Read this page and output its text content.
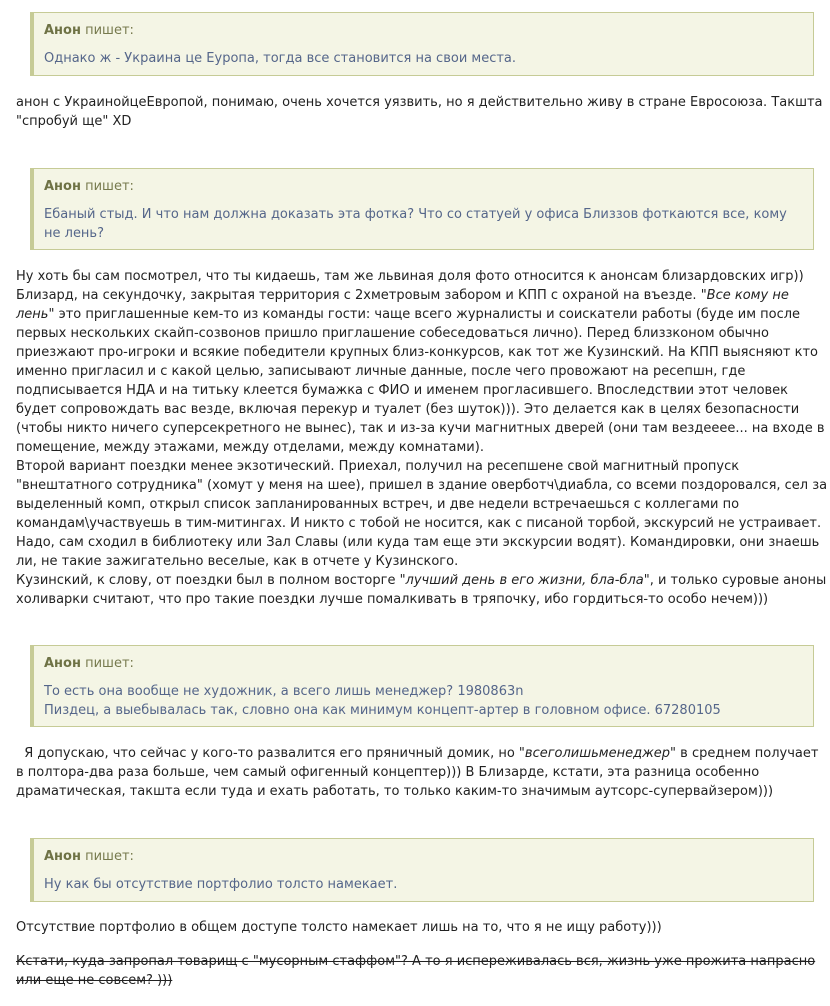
Анон пишет:
Однако ж - Украина це Еуропа, тогда все становится на свои места.

анон с УкраинойцеЕвропой, понимаю, очень хочется уязвить, но я действительно живу в стране Евросоюза. Такшта "спробуй ще" XD

Анон пишет:
Ебаный стыд. И что нам должна доказать эта фотка? Что со статуей у офиса Близзов фоткаются все, кому не лень?

Ну хоть бы сам посмотрел, что ты кидаешь, там же львиная доля фото относится к анонсам близардовских игр)) Близард, на секундочку, закрытая территория с 2хметровым забором и КПП с охраной на въезде. "Все кому не лень" это приглашенные кем-то из команды гости: чаще всего журналисты и соискатели работы (буде им после первых нескольких скайп-созвонов пришло приглашение собеседоваться лично). Перед близзконом обычно приезжают про-игроки и всякие победители крупных близ-конкурсов, как тот же Кузинский. На КПП выясняют кто именно пригласил и с какой целью, записывают личные данные, после чего провожают на ресепшн, где подписывается НДА и на титьку клеется бумажка с ФИО и именем прогласившего. Впоследствии этот человек будет сопровождать вас везде, включая перекур и туалет (без шуток))). Это делается как в целях безопасности (чтобы никто ничего суперсекретного не вынес), так и из-за кучи магнитных дверей (они там вездееее... на входе в помещение, между этажами, между отделами, между комнатами).

Второй вариант поездки менее экзотический. Приехал, получил на ресепшене свой магнитный пропуск "внештатного сотрудника" (хомут у меня на шее), пришел в здание оверботч\диабла, со всеми поздоровался, сел за выделенный комп, открыл список запланированных встреч, и две недели встречаешься с коллегами по командам\участвуешь в тим-митингах. И никто с тобой не носится, как с писаной торбой, экскурсий не устраивает. Надо, сам сходил в библиотеку или Зал Славы (или куда там еще эти экскурсии водят). Командировки, они знаешь ли, не такие зажигательно веселые, как в отчете у Кузинского.

Кузинский, к слову, от поездки был в полном восторге "лучший день в его жизни, бла-бла", и только суровые аноны холиварки считают, что про такие поездки лучше помалкивать в тряпочку, ибо гордиться-то особо нечем)))

Анон пишет:
То есть она вообще не художник, а всего лишь менеджер? 1980863n
Пиздец, а выебывалась так, словно она как минимум концепт-артер в головном офисе. 67280105

Я допускаю, что сейчас у кого-то развалится его пряничный домик, но "всеголишьменеджер" в среднем получает в полтора-два раза больше, чем самый офигенный концептер))) В Близарде, кстати, эта разница особенно драматическая, такшта если туда и ехать работать, то только каким-то значимым аутсорс-супервайзером)))

Анон пишет:
Ну как бы отсутствие портфолио толсто намекает.

Отсутствие портфолио в общем доступе толсто намекает лишь на то, что я не ищу работу)))

Кстати, куда запропал товарищ с "мусорным стаффом"? А то я испереживалась вся, жизнь уже прожита напрасно или еще не совсем? )))
